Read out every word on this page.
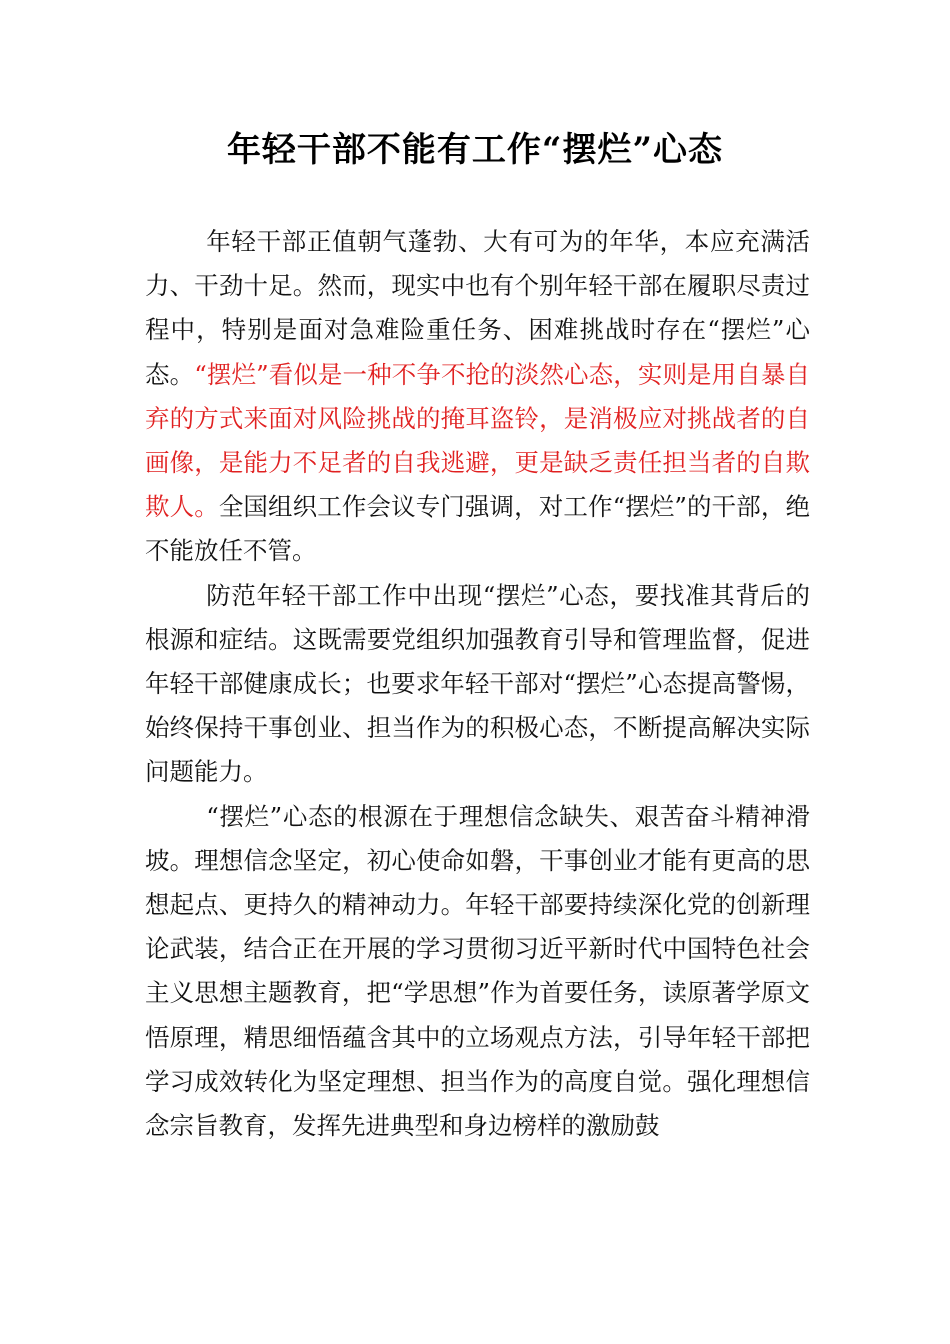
年轻干部不能有工作“摆烂”心态

年轻干部正值朝气蓬勃、大有可为的年华，本应充满活力、干劲十足。然而，现实中也有个别年轻干部在履职尽责过程中，特别是面对急难险重任务、困难挑战时存在“摆烂”心态。“摆烂”看似是一种不争不抢的淡然心态，实则是用自暴自弃的方式来面对风险挑战的掩耳盗铃，是消极应对挑战者的自画像，是能力不足者的自我逃避，更是缺乏责任担当者的自欺欺人。全国组织工作会议专门强调，对工作“摆烂”的干部，绝不能放任不管。

防范年轻干部工作中出现“摆烂”心态，要找准其背后的根源和症结。这既需要党组织加强教育引导和管理监督，促进年轻干部健康成长；也要求年轻干部对“摆烂”心态提高警惕，始终保持干事创业、担当作为的积极心态，不断提高解决实际问题能力。

“摆烂”心态的根源在于理想信念缺失、艰苦奋斗精神滑坡。理想信念坚定，初心使命如磐，干事创业才能有更高的思想起点、更持久的精神动力。年轻干部要持续深化党的创新理论武装，结合正在开展的学习贯彻习近平新时代中国特色社会主义思想主题教育，把“学思想”作为首要任务，读原著学原文悟原理，精思细悟蕴含其中的立场观点方法，引导年轻干部把学习成效转化为坚定理想、担当作为的高度自觉。强化理想信念宗旨教育，发挥先进典型和身边榜样的激励鼓
